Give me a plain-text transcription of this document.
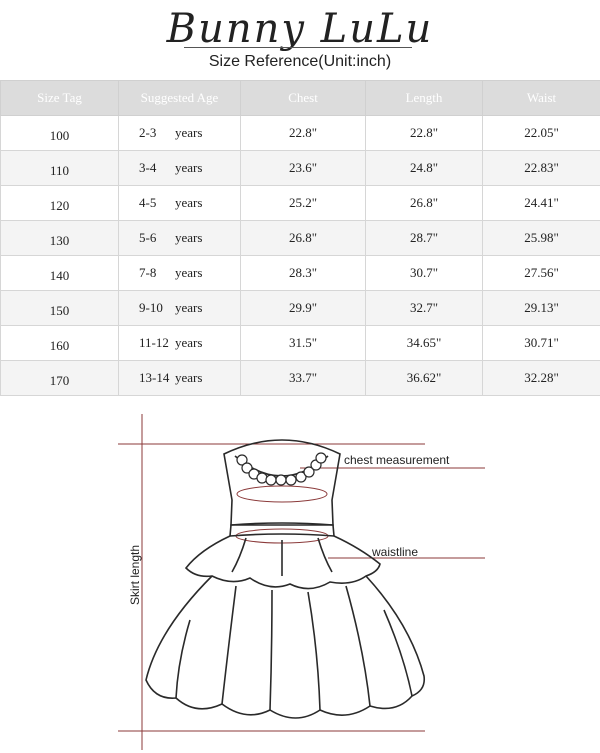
Bunny LuLu
Size Reference(Unit:inch)
Size Tag	Suggested Age	Chest	Length	Waist
100	2-3 years	22.8"	22.8"	22.05"
110	3-4 years	23.6"	24.8"	22.83"
120	4-5 years	25.2"	26.8"	24.41"
130	5-6 years	26.8"	28.7"	25.98"
140	7-8 years	28.3"	30.7"	27.56"
150	9-10 years	29.9"	32.7"	29.13"
160	11-12 years	31.5"	34.65"	30.71"
170	13-14 years	33.7"	36.62"	32.28"
chest measurement
waistline
Skirt length
